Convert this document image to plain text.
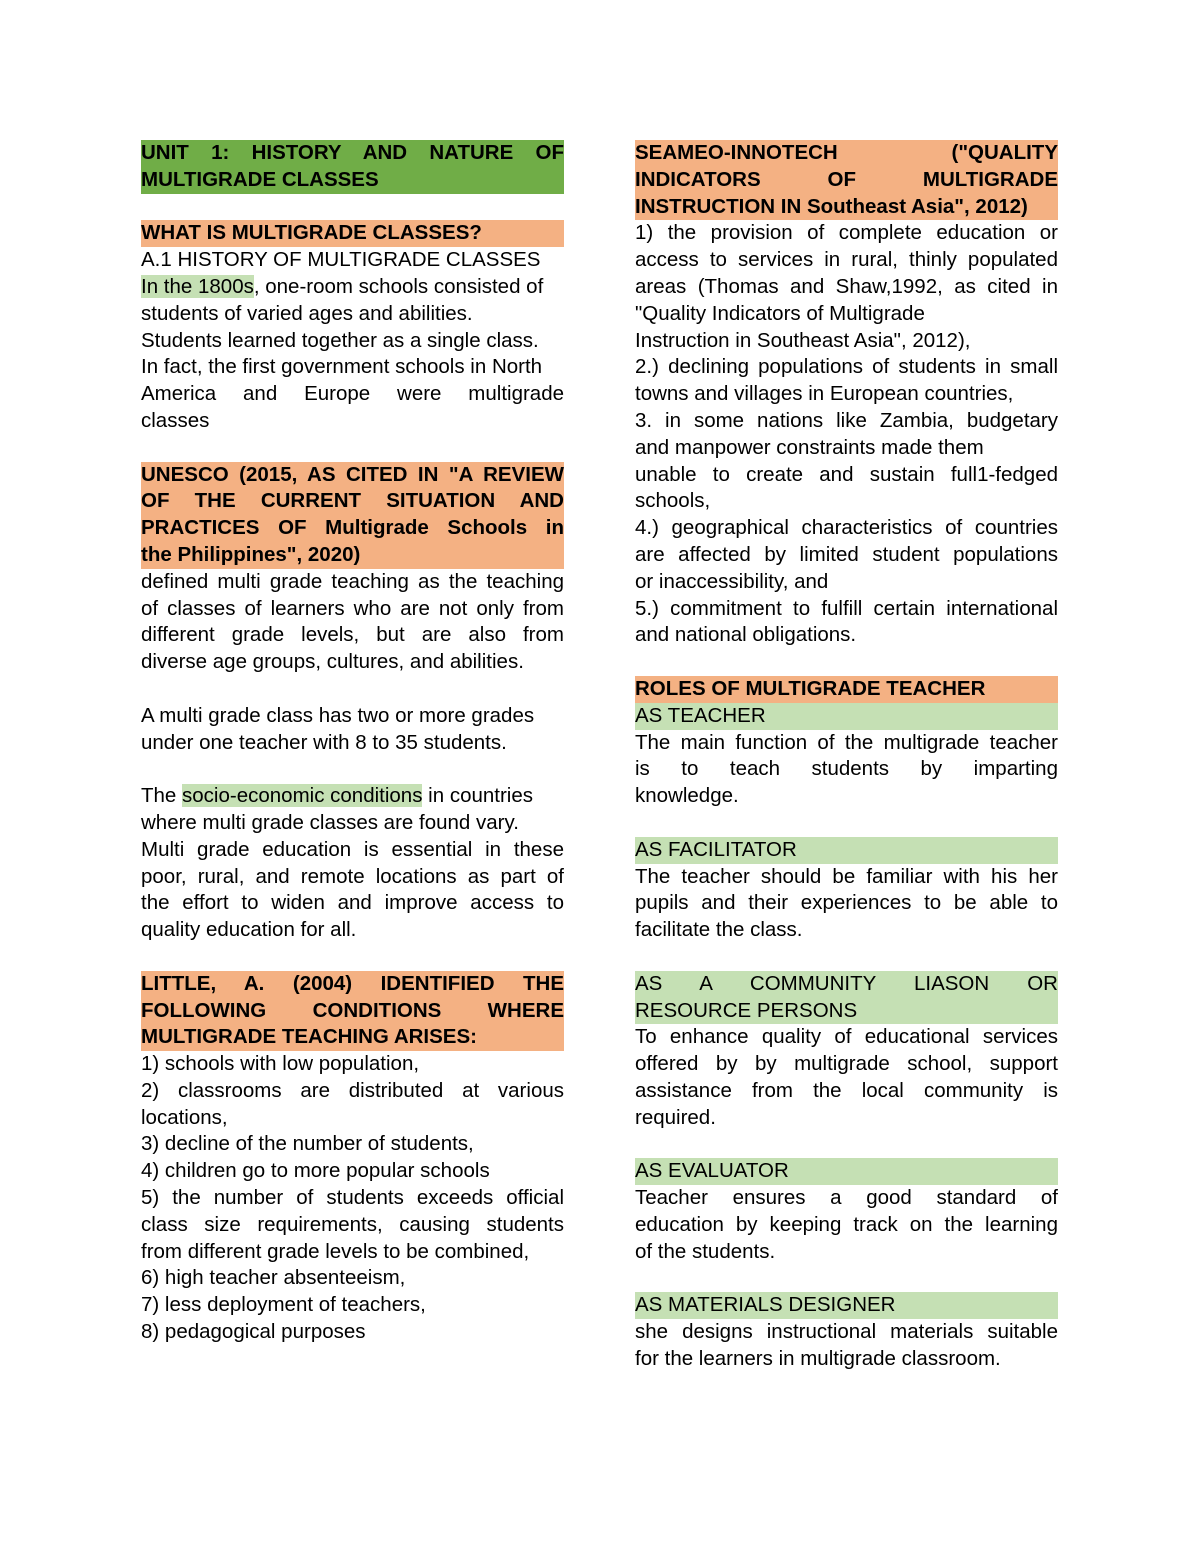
UNIT 1: HISTORY AND NATURE OF
MULTIGRADE CLASSES
WHAT IS MULTIGRADE CLASSES?
A.1 HISTORY OF MULTIGRADE CLASSES
In the 1800s, one-room schools consisted of
students of varied ages and abilities.
Students learned together as a single class.
In fact, the first government schools in North
America and Europe were multigrade
classes
UNESCO (2015, AS CITED IN "A REVIEW
OF THE CURRENT SITUATION AND
PRACTICES OF Multigrade Schools in
the Philippines", 2020)
defined multi grade teaching as the teaching
of classes of learners who are not only from
different grade levels, but are also from
diverse age groups, cultures, and abilities.
A multi grade class has two or more grades
under one teacher with 8 to 35 students.
The socio-economic conditions in countries
where multi grade classes are found vary.
Multi grade education is essential in these
poor, rural, and remote locations as part of
the effort to widen and improve access to
quality education for all.
LITTLE, A. (2004) IDENTIFIED THE
FOLLOWING CONDITIONS WHERE
MULTIGRADE TEACHING ARISES:
1) schools with low population,
2) classrooms are distributed at various
locations,
3) decline of the number of students,
4) children go to more popular schools
5) the number of students exceeds official
class size requirements, causing students
from different grade levels to be combined,
6) high teacher absenteeism,
7) less deployment of teachers,
8) pedagogical purposes
SEAMEO-INNOTECH ("QUALITY
INDICATORS OF MULTIGRADE
INSTRUCTION IN Southeast Asia", 2012)
1) the provision of complete education or
access to services in rural, thinly populated
areas (Thomas and Shaw,1992, as cited in
"Quality Indicators of Multigrade
Instruction in Southeast Asia", 2012),
2.) declining populations of students in small
towns and villages in European countries,
3. in some nations like Zambia, budgetary
and manpower constraints made them
unable to create and sustain full1-fedged
schools,
4.) geographical characteristics of countries
are affected by limited student populations
or inaccessibility, and
5.) commitment to fulfill certain international
and national obligations.
ROLES OF MULTIGRADE TEACHER
AS TEACHER
The main function of the multigrade teacher
is to teach students by imparting
knowledge.
AS FACILITATOR
The teacher should be familiar with his her
pupils and their experiences to be able to
facilitate the class.
AS A COMMUNITY LIASON OR
RESOURCE PERSONS
To enhance quality of educational services
offered by by multigrade school, support
assistance from the local community is
required.
AS EVALUATOR
Teacher ensures a good standard of
education by keeping track on the learning
of the students.
AS MATERIALS DESIGNER
she designs instructional materials suitable
for the learners in multigrade classroom.
